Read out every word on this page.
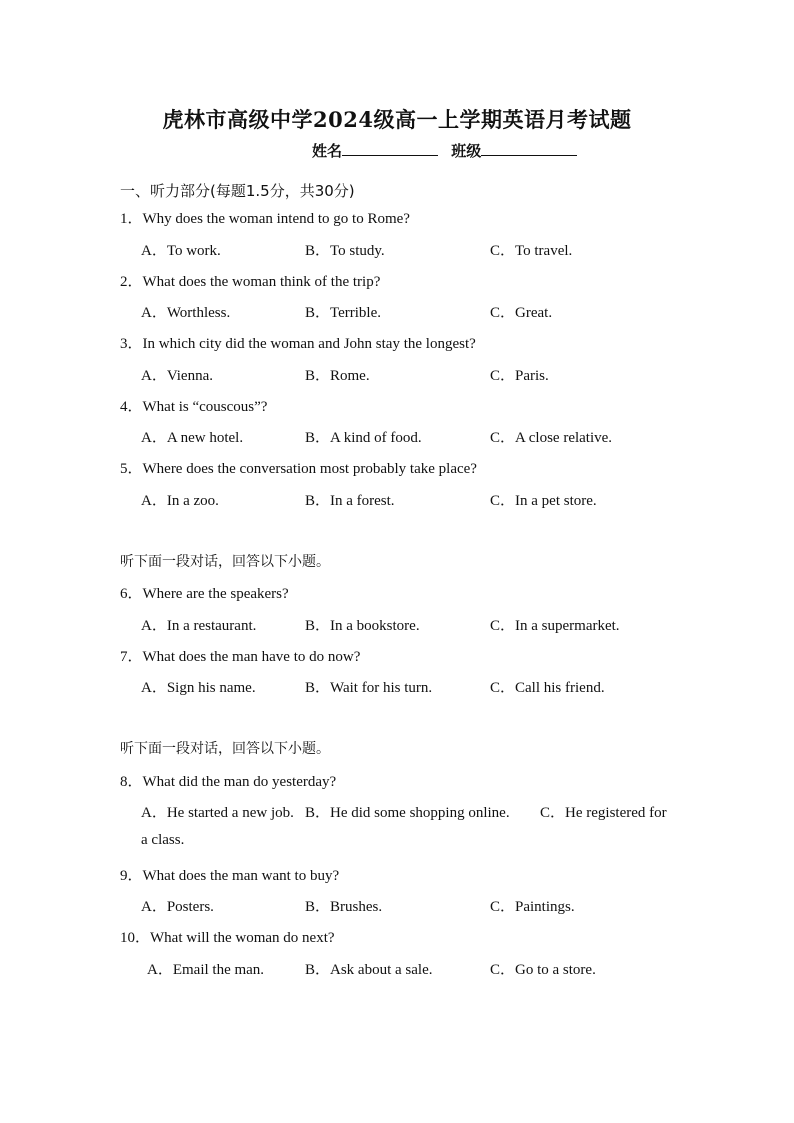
虎林市高级中学2024级高一上学期英语月考试题
姓名	班级
一、听力部分(每题1.5分，共30分)
1．Why does the woman intend to go to Rome?
A．To work.	B．To study.	C．To travel.
2．What does the woman think of the trip?
A．Worthless.	B．Terrible.	C．Great.
3．In which city did the woman and John stay the longest?
A．Vienna.	B．Rome.	C．Paris.
4．What is “couscous”?
A．A new hotel.	B．A kind of food.	C．A close relative.
5．Where does the conversation most probably take place?
A．In a zoo.	B．In a forest.	C．In a pet store.
听下面一段对话，回答以下小题。
6．Where are the speakers?
A．In a restaurant.	B．In a bookstore.	C．In a supermarket.
7．What does the man have to do now?
A．Sign his name.	B．Wait for his turn.	C．Call his friend.
听下面一段对话，回答以下小题。
8．What did the man do yesterday?
A．He started a new job. B．He did some shopping online. C．He registered for
a class.
9．What does the man want to buy?
A．Posters.	B．Brushes.	C．Paintings.
10．What will the woman do next?
A．Email the man.	B．Ask about a sale.	C．Go to a store.
